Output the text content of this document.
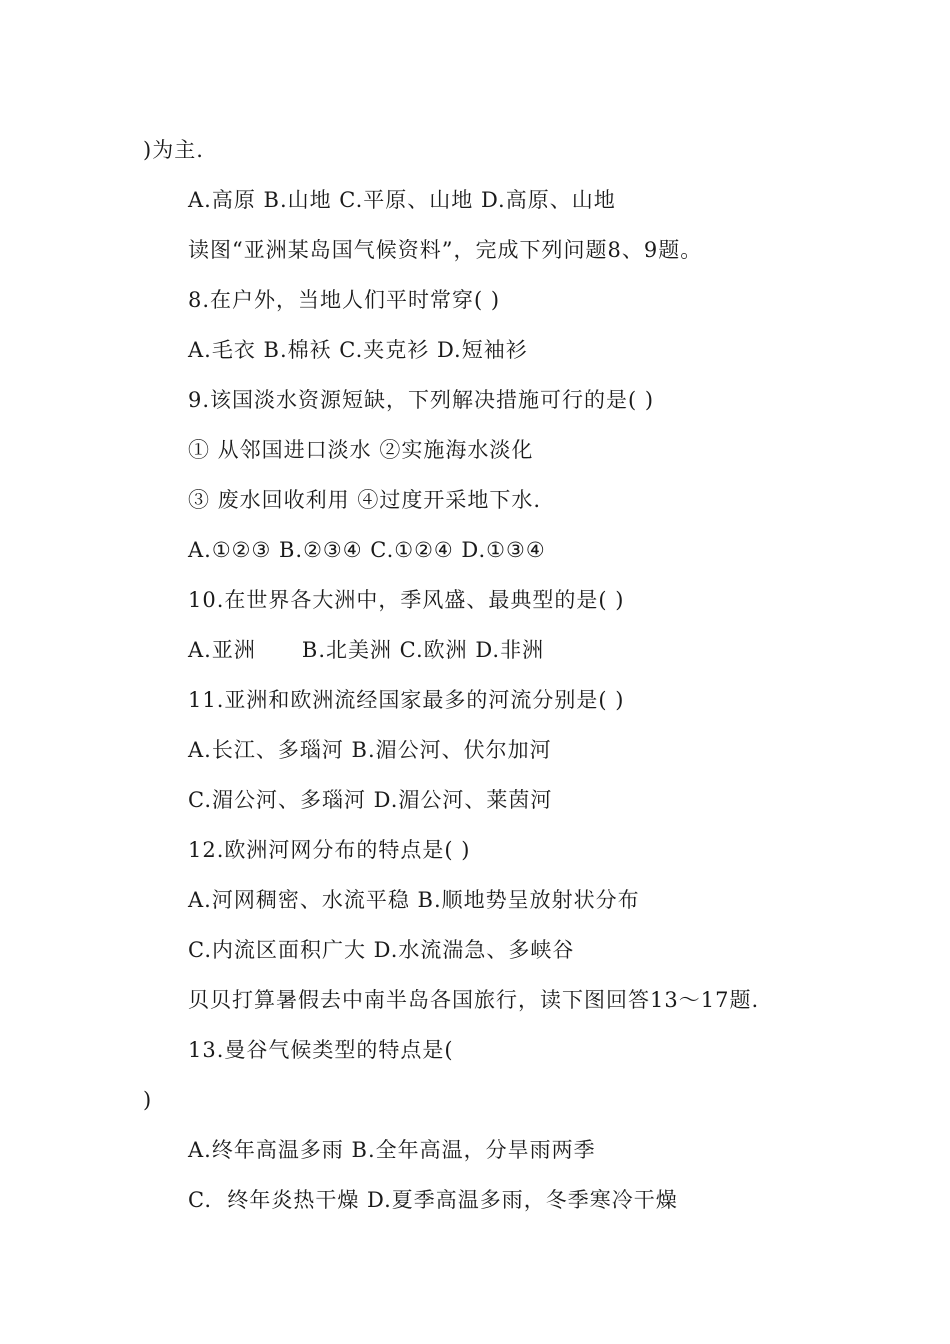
)为主.
A.高原 B.山地 C.平原、山地 D.高原、山地
读图“亚洲某岛国气候资料”，完成下列问题8、9题。
8.在户外，当地人们平时常穿( )
A.毛衣 B.棉袄 C.夹克衫 D.短袖衫
9.该国淡水资源短缺，下列解决措施可行的是( )
① 从邻国进口淡水 ②实施海水淡化
③ 废水回收利用 ④过度开采地下水.
A.①②③ B.②③④ C.①②④ D.①③④
10.在世界各大洲中，季风盛、最典型的是( )
A.亚洲      B.北美洲 C.欧洲 D.非洲
11.亚洲和欧洲流经国家最多的河流分别是( )
A.长江、多瑙河 B.湄公河、伏尔加河
C.湄公河、多瑙河 D.湄公河、莱茵河
12.欧洲河网分布的特点是( )
A.河网稠密、水流平稳 B.顺地势呈放射状分布
C.内流区面积广大 D.水流湍急、多峡谷
贝贝打算暑假去中南半岛各国旅行，读下图回答13～17题.
13.曼谷气候类型的特点是(
)
A.终年高温多雨 B.全年高温，分旱雨两季
C.  终年炎热干燥 D.夏季高温多雨，冬季寒冷干燥
